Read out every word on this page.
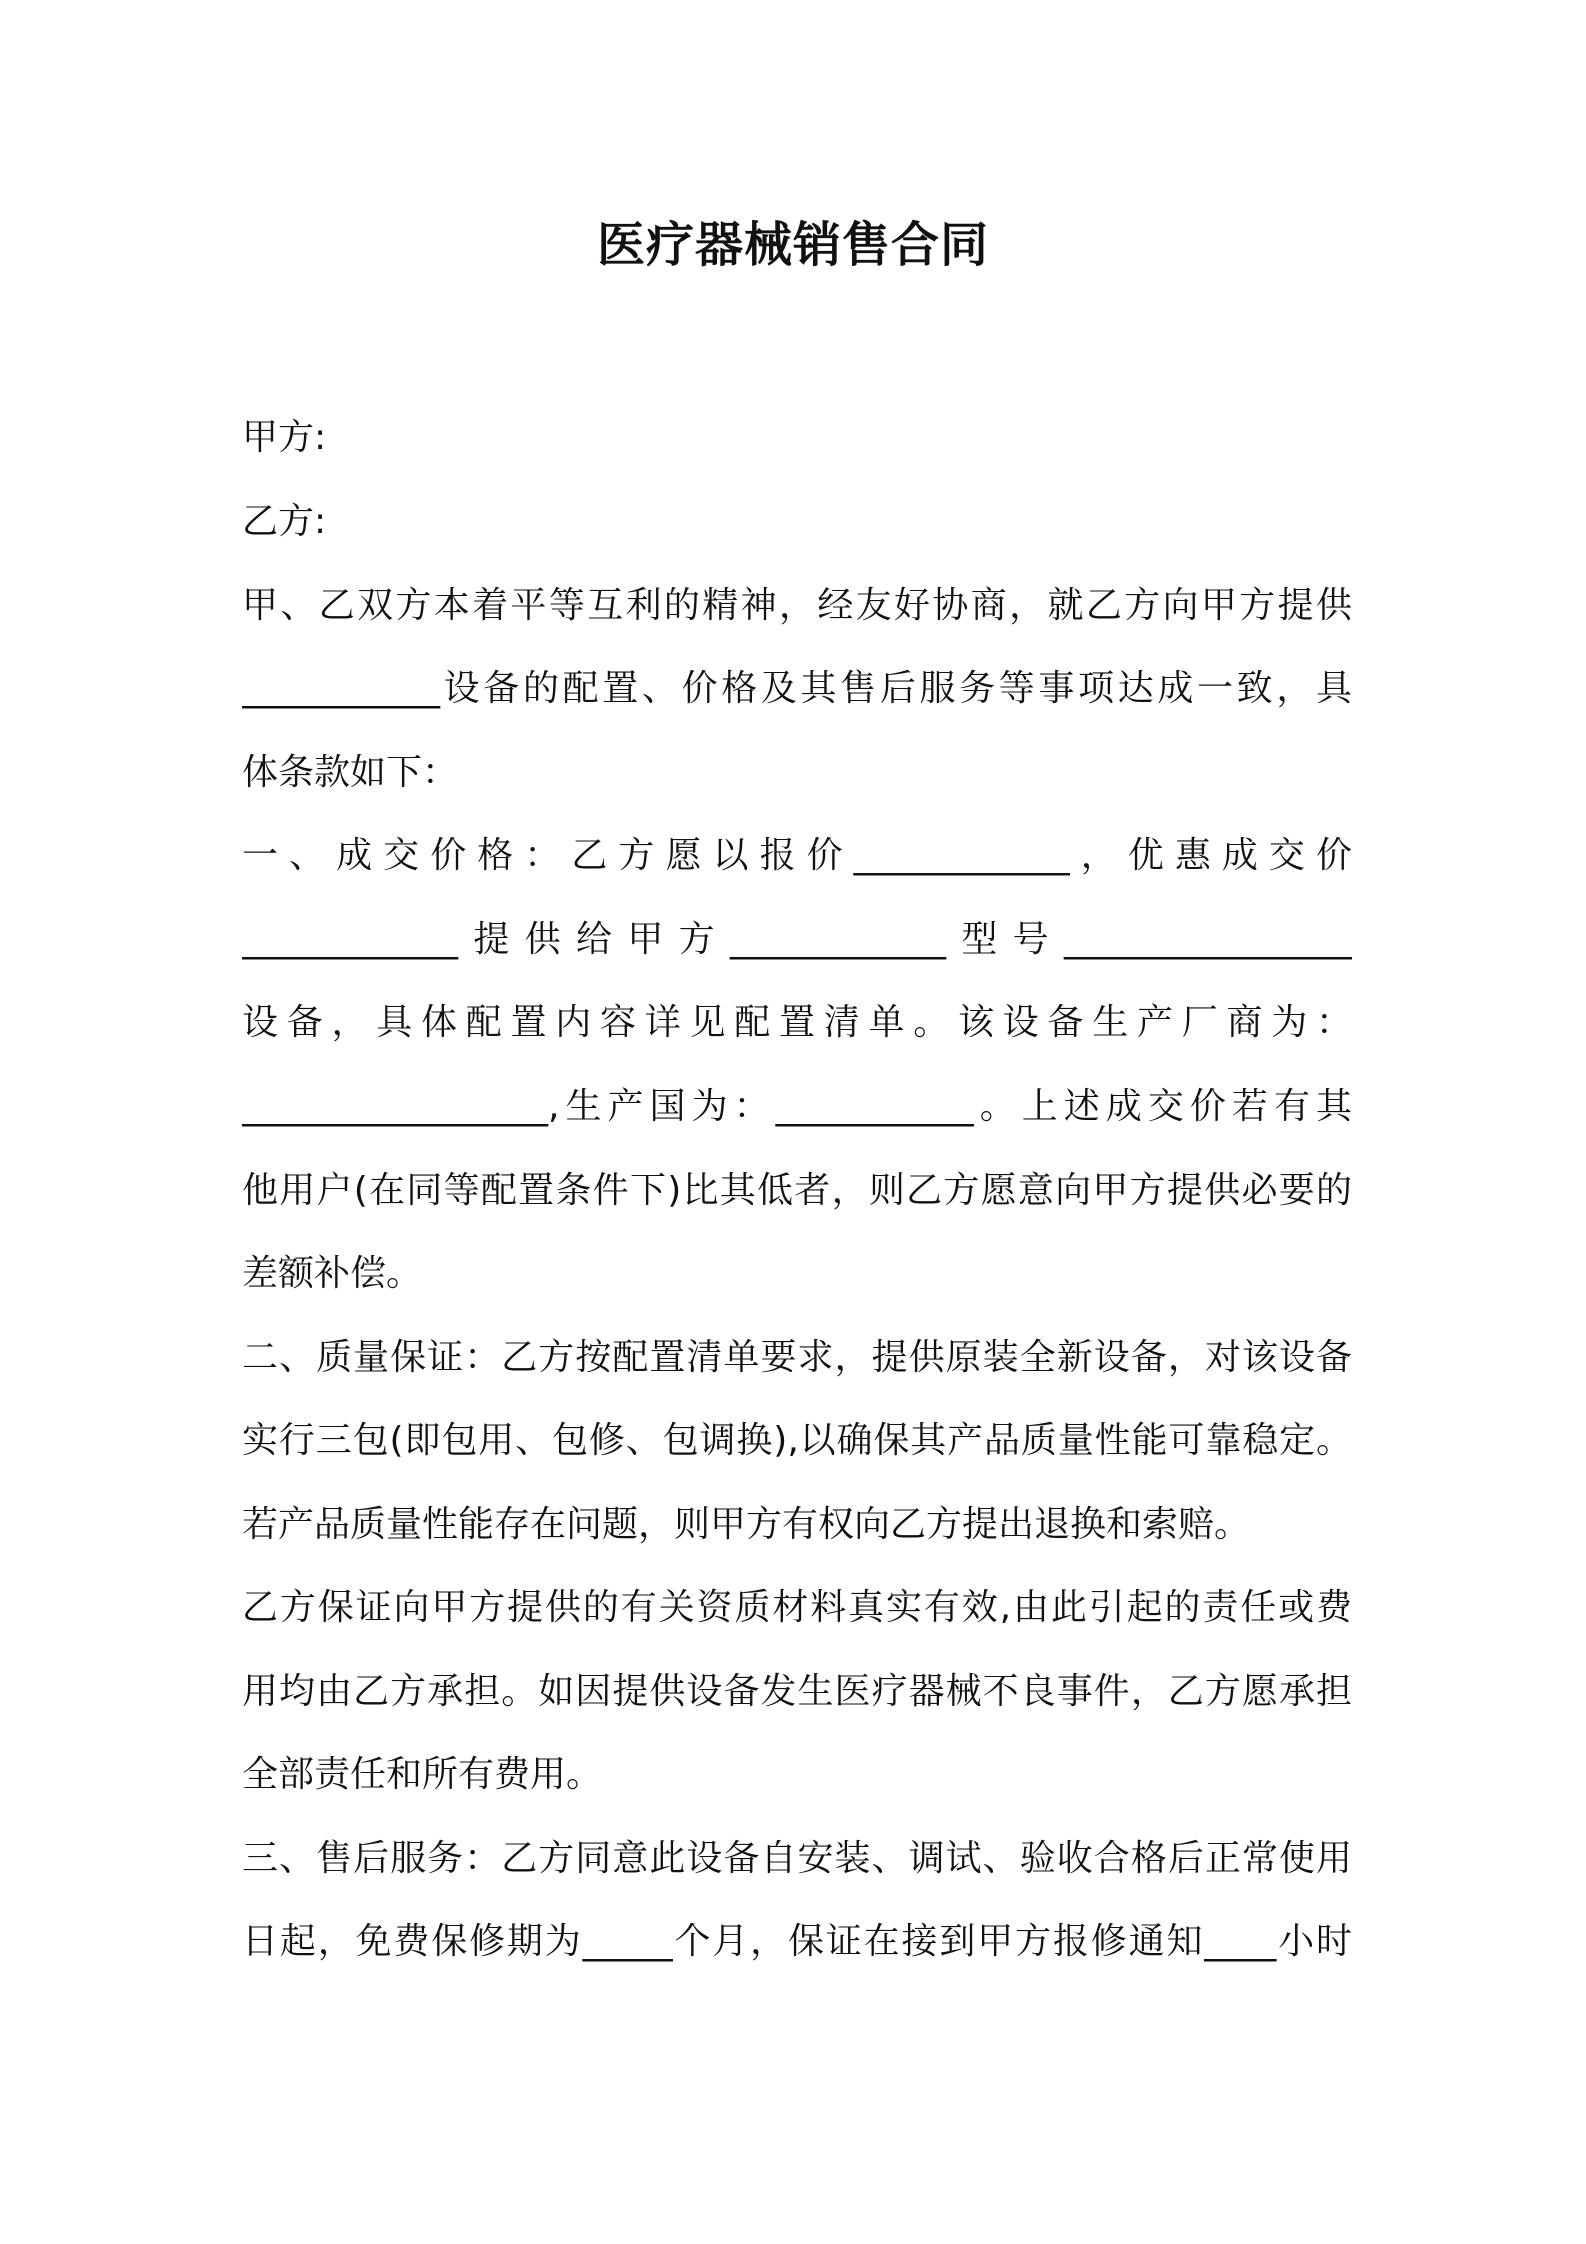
医疗器械销售合同
甲方:
乙方:
甲、乙双方本着平等互利的精神，经友好协商，就乙方向甲方提供
___________设备的配置、价格及其售后服务等事项达成一致，具
体条款如下：
一、成交价格：乙方愿以报价____________，优惠成交价
____________提供给甲方____________型号________________
设备，具体配置内容详见配置清单。该设备生产厂商为：
_________________,生产国为：___________。上述成交价若有其
他用户(在同等配置条件下)比其低者，则乙方愿意向甲方提供必要的
差额补偿。
二、质量保证：乙方按配置清单要求，提供原装全新设备，对该设备
实行三包(即包用、包修、包调换),以确保其产品质量性能可靠稳定。
若产品质量性能存在问题，则甲方有权向乙方提出退换和索赔。
乙方保证向甲方提供的有关资质材料真实有效,由此引起的责任或费
用均由乙方承担。如因提供设备发生医疗器械不良事件，乙方愿承担
全部责任和所有费用。
三、售后服务：乙方同意此设备自安装、调试、验收合格后正常使用
日起，免费保修期为_____个月，保证在接到甲方报修通知____小时
